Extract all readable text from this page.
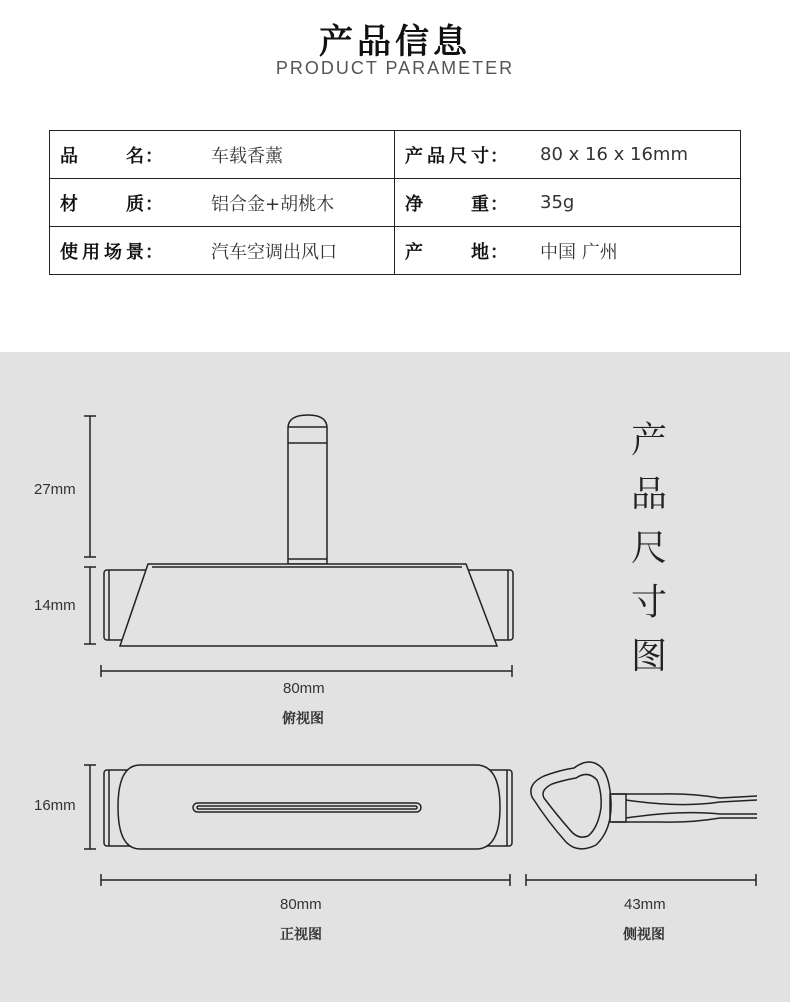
产品信息
PRODUCT PARAMETER
品名 ： 车载香薰	产品尺寸 ： 80 x 16 x 16mm

材质 ： 铝合金+胡桃木	净重 ： 35g

使用场景 ： 汽车空调出风口	产地 ： 中国 广州
27mm
14mm
80mm
俯视图
16mm
80mm
正视图
43mm
侧视图
产
品
尺
寸
图
